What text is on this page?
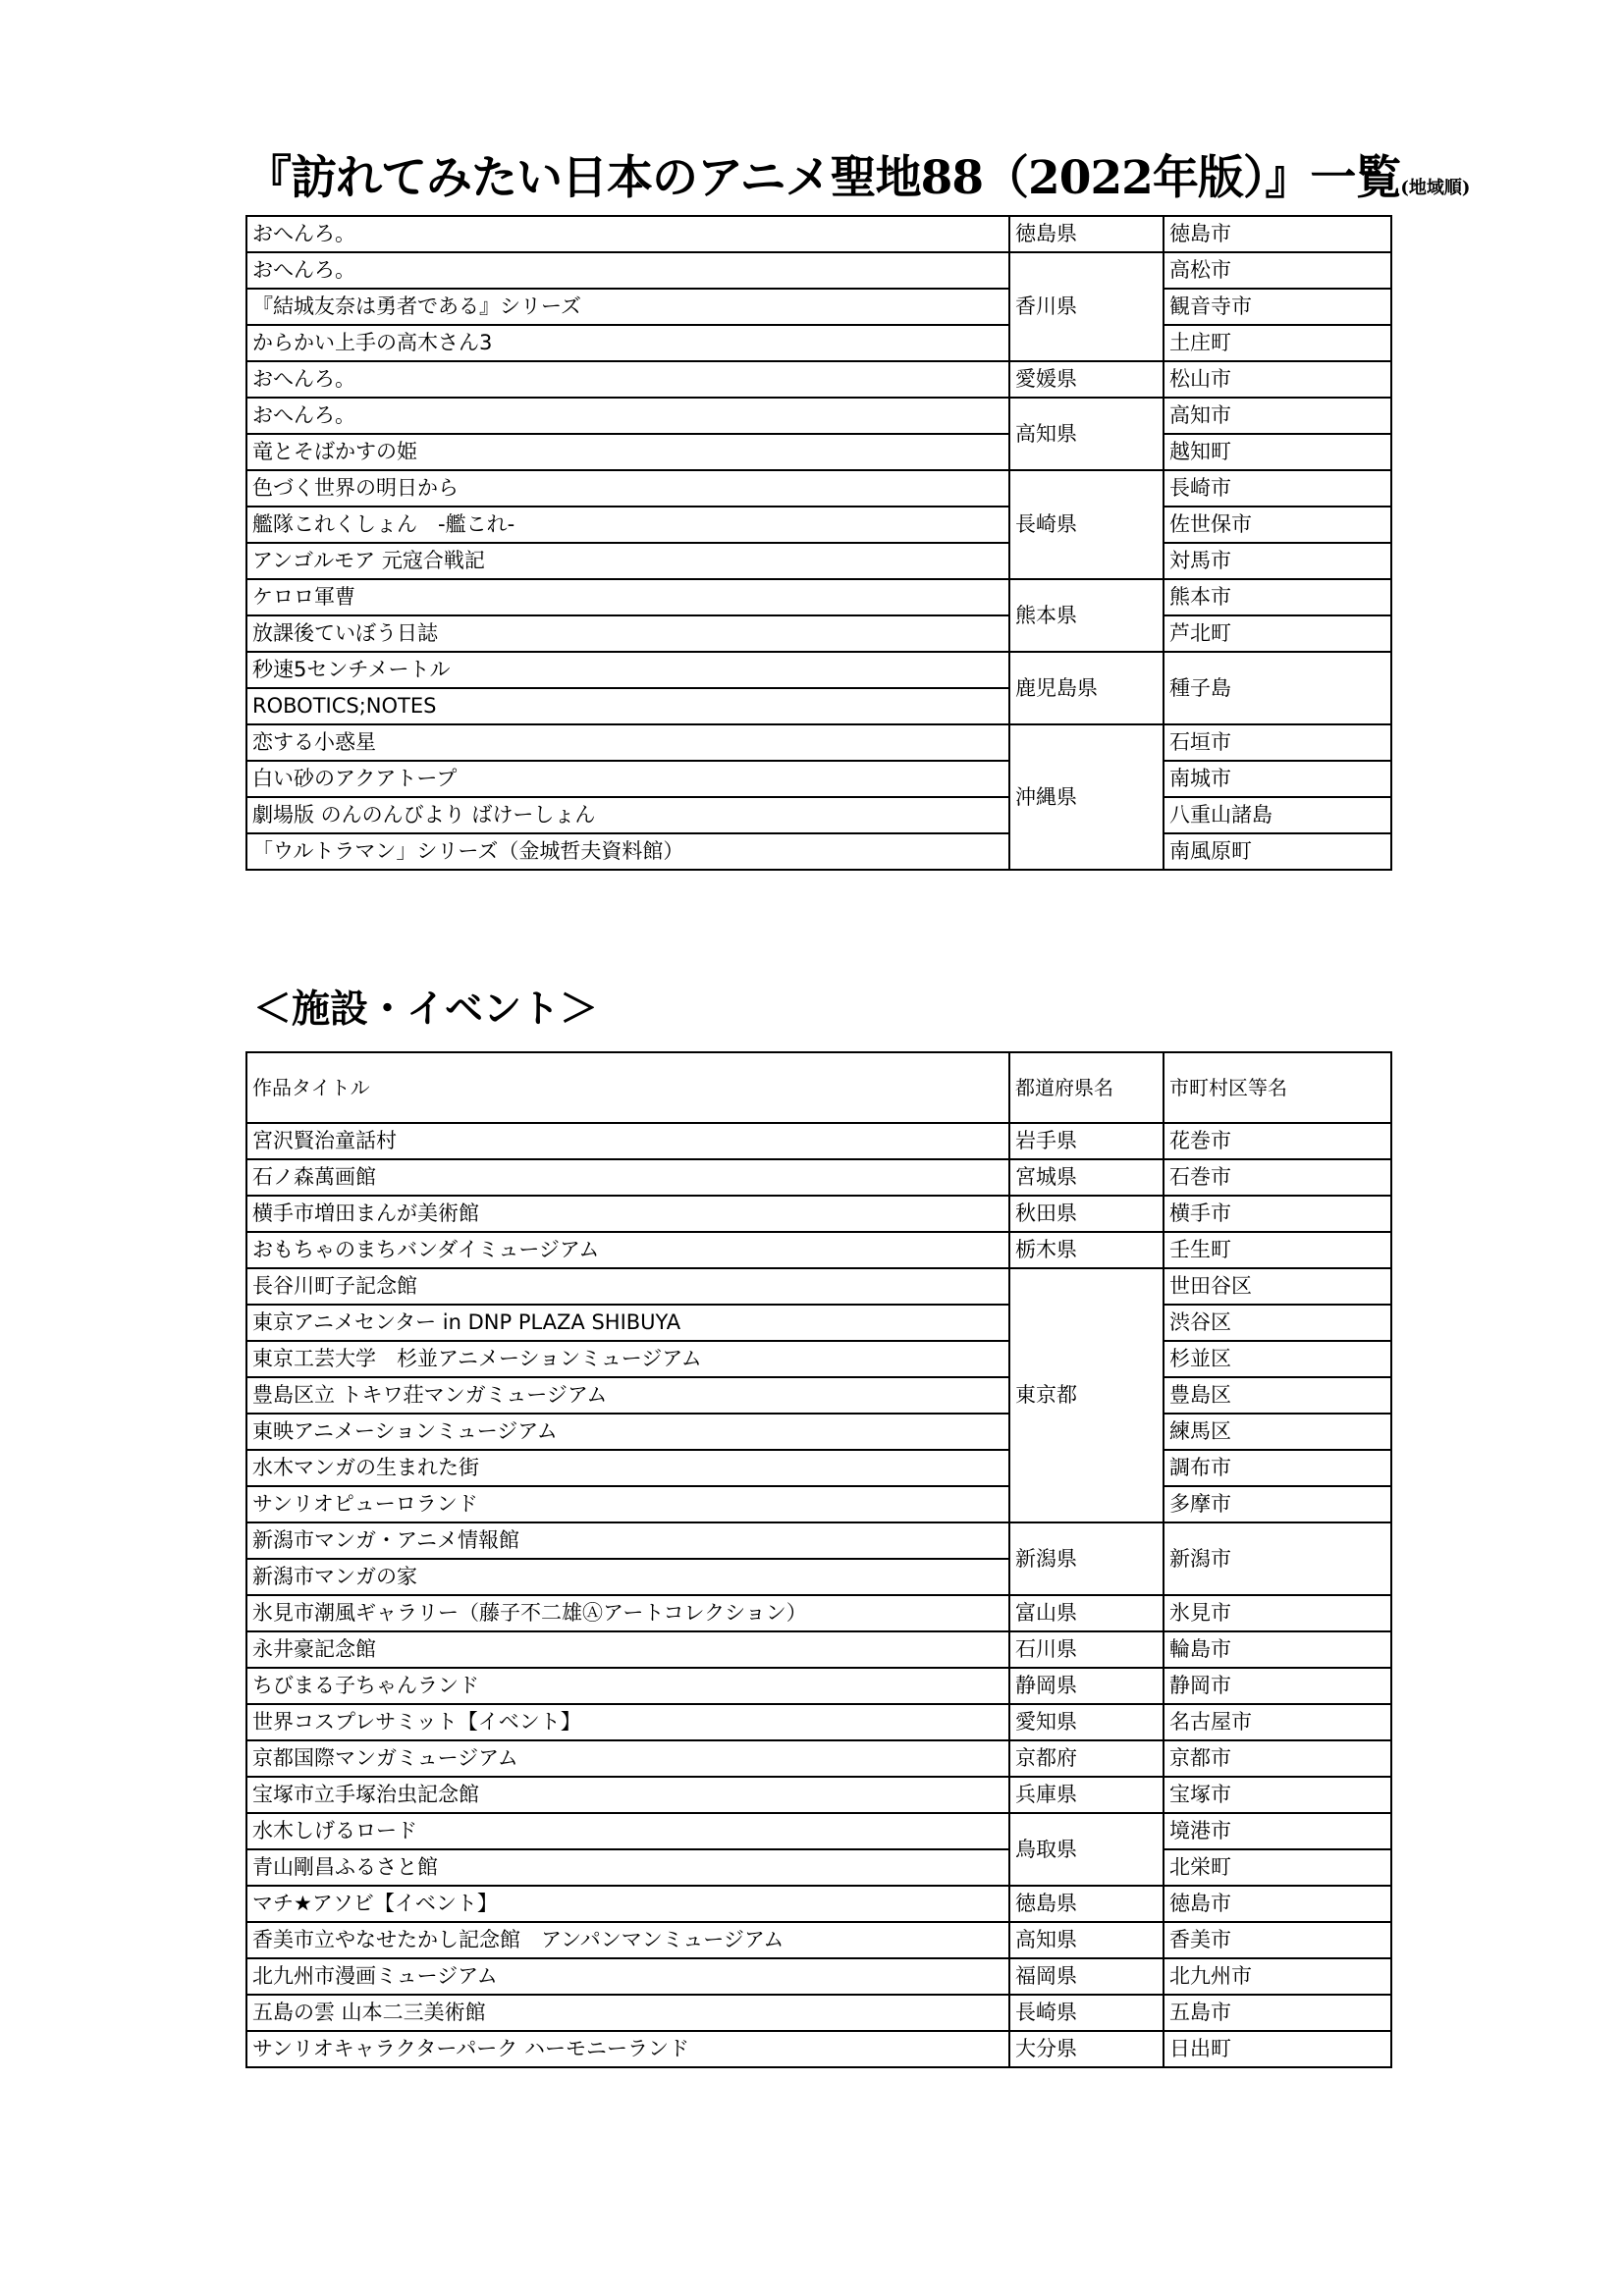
『訪れてみたい日本のアニメ聖地88（2022年版）』一覧(地域順)
おへんろ。	徳島県	徳島市
おへんろ。	香川県	高松市
『結城友奈は勇者である』シリーズ		観音寺市
からかい上手の高木さん3		土庄町
おへんろ。	愛媛県	松山市
おへんろ。	高知県	高知市
竜とそばかすの姫		越知町
色づく世界の明日から	長崎県	長崎市
艦隊これくしょん　-艦これ-		佐世保市
アンゴルモア 元寇合戦記		対馬市
ケロロ軍曹	熊本県	熊本市
放課後ていぼう日誌		芦北町
秒速5センチメートル	鹿児島県	種子島
ROBOTICS;NOTES		
恋する小惑星	沖縄県	石垣市
白い砂のアクアトープ		南城市
劇場版 のんのんびより ばけーしょん		八重山諸島
「ウルトラマン」シリーズ（金城哲夫資料館）		南風原町
＜施設・イベント＞
作品タイトル	都道府県名	市町村区等名
宮沢賢治童話村	岩手県	花巻市
石ノ森萬画館	宮城県	石巻市
横手市増田まんが美術館	秋田県	横手市
おもちゃのまちバンダイミュージアム	栃木県	壬生町
長谷川町子記念館	東京都	世田谷区
東京アニメセンター in DNP PLAZA SHIBUYA		渋谷区
東京工芸大学　杉並アニメーションミュージアム		杉並区
豊島区立 トキワ荘マンガミュージアム		豊島区
東映アニメーションミュージアム		練馬区
水木マンガの生まれた街		調布市
サンリオピューロランド		多摩市
新潟市マンガ・アニメ情報館	新潟県	新潟市
新潟市マンガの家		
氷見市潮風ギャラリー（藤子不二雄Ⓐアートコレクション）	富山県	氷見市
永井豪記念館	石川県	輪島市
ちびまる子ちゃんランド	静岡県	静岡市
世界コスプレサミット【イベント】	愛知県	名古屋市
京都国際マンガミュージアム	京都府	京都市
宝塚市立手塚治虫記念館	兵庫県	宝塚市
水木しげるロード	鳥取県	境港市
青山剛昌ふるさと館		北栄町
マチ★アソビ【イベント】	徳島県	徳島市
香美市立やなせたかし記念館　アンパンマンミュージアム	高知県	香美市
北九州市漫画ミュージアム	福岡県	北九州市
五島の雲 山本二三美術館	長崎県	五島市
サンリオキャラクターパーク ハーモニーランド	大分県	日出町
